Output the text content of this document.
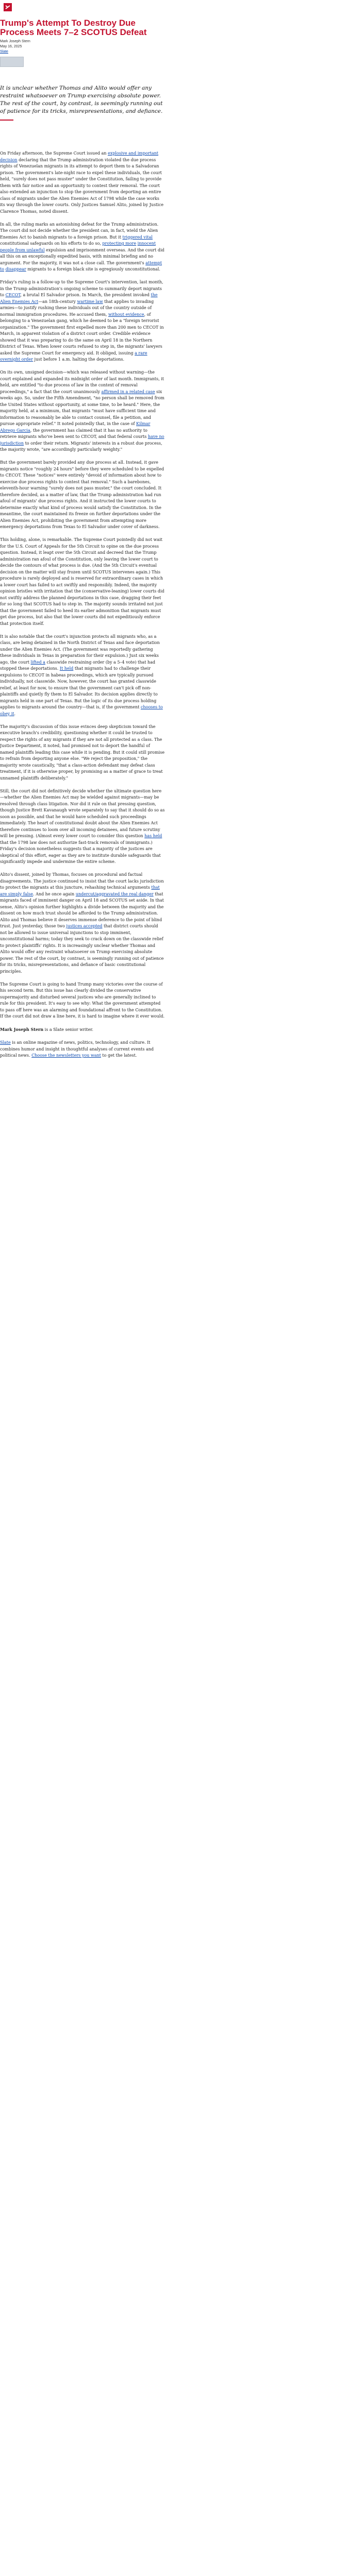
Trump's Attempt To Destroy Due Process Meets 7–2 SCOTUS Defeat
Mark Joseph Stern
May 16, 2025
Slate
It is unclear whether Thomas and Alito would offer any restraint whatsoever on Trump exercising absolute power. The rest of the court, by contrast, is seemingly running out of patience for its tricks, misrepresentations, and defiance.

On Friday afternoon, the Supreme Court issued an explosive and important decision declaring that the Trump administration violated the due process rights of Venezuelan migrants in its attempt to deport them to a Salvadoran prison. The government's late-night race to expel these individuals, the court held, "surely does not pass muster" under the Constitution, failing to provide them with fair notice and an opportunity to contest their removal. The court also extended an injunction to stop the government from deporting an entire class of migrants under the Alien Enemies Act of 1798 while the case works its way through the lower courts. Only Justices Samuel Alito, joined by Justice Clarence Thomas, noted dissent.

In all, the ruling marks an astonishing defeat for the Trump administration. The court did not decide whether the president can, in fact, wield the Alien Enemies Act to banish migrants to a foreign prison. But it triggered vital constitutional safeguards on his efforts to do so, protecting more innocent people from unlawful expulsion and imprisonment overseas. And the court did all this on an exceptionally expedited basis, with minimal briefing and no argument. For the majority, it was not a close call. The government's attempt to disappear migrants to a foreign black site is egregiously unconstitutional.

Friday's ruling is a follow-up to the Supreme Court's intervention, last month, in the Trump administration's ongoing scheme to summarily deport migrants to CECOT, a brutal El Salvador prison. In March, the president invoked the Alien Enemies Act—an 18th-century wartime law that applies to invading armies—to justify rushing these individuals out of the country outside of normal immigration procedures. He accused them, without evidence, of belonging to a Venezuelan gang, which he deemed to be a "foreign terrorist organization." The government first expelled more than 200 men to CECOT in March, in apparent violation of a district court order. Credible evidence showed that it was preparing to do the same on April 18 in the Northern District of Texas. When lower courts refused to step in, the migrants' lawyers asked the Supreme Court for emergency aid. It obliged, issuing a rare overnight order just before 1 a.m. halting the deportations.

On its own, unsigned decision—which was released without warning—the court explained and expanded its midnight order of last month. Immigrants, it held, are entitled "to due process of law in the context of removal proceedings," a fact that the court unanimously affirmed in a related case six weeks ago. So, under the Fifth Amendment, "no person shall be removed from the United States without opportunity, at some time, to be heard." Here, the majority held, at a minimum, that migrants "must have sufficient time and information to reasonably be able to contact counsel, file a petition, and pursue appropriate relief." It noted pointedly that, in the case of Kilmar Abrego Garcia, the government has claimed that it has no authority to retrieve migrants who've been sent to CECOT, and that federal courts have no jurisdiction to order their return. Migrants' interests in a robust due process, the majority wrote, "are accordingly particularly weighty."

But the government barely provided any due process at all. Instead, it gave migrants notice "roughly 24 hours" before they were scheduled to be expelled to CECOT. These "notices" were entirely "devoid of information about how to exercise due process rights to contest that removal." Such a barebones, eleventh-hour warning "surely does not pass muster," the court concluded. It therefore decided, as a matter of law, that the Trump administration had run afoul of migrants' due process rights. And it instructed the lower courts to determine exactly what kind of process would satisfy the Constitution. In the meantime, the court maintained its freeze on further deportations under the Alien Enemies Act, prohibiting the government from attempting more emergency deportations from Texas to El Salvador under cover of darkness.

This holding, alone, is remarkable. The Supreme Court pointedly did not wait for the U.S. Court of Appeals for the 5th Circuit to opine on the due process question. Instead, it leapt over the 5th Circuit and decreed that the Trump administration ran afoul of the Constitution, only leaving the lower court to decide the contours of what process is due. (And the 5th Circuit's eventual decision on the matter will stay frozen until SCOTUS intervenes again.) This procedure is rarely deployed and is reserved for extraordinary cases in which a lower court has failed to act swiftly and responsibly. Indeed, the majority opinion bristles with irritation that the (conservative-leaning) lower courts did not swiftly address the planned deportations in this case, dragging their feet for so long that SCOTUS had to step in. The majority sounds irritated not just that the government failed to heed its earlier admonition that migrants must get due process, but also that the lower courts did not expeditiously enforce that protection itself.

It is also notable that the court's injunction protects all migrants who, as a class, are being detained in the North District of Texas and face deportation under the Alien Enemies Act. (The government was reportedly gathering these individuals in Texas in preparation for their expulsion.) Just six weeks ago, the court lifted a classwide restraining order (by a 5–4 vote) that had stopped these deportations. It held that migrants had to challenge their expulsions to CECOT in habeas proceedings, which are typically pursued individually, not classwide. Now, however, the court has granted classwide relief, at least for now, to ensure that the government can't pick off non-plaintiffs and quietly fly them to El Salvador. Its decision applies directly to migrants held in one part of Texas. But the logic of its due process holding applies to migrants around the country—that is, if the government chooses to obey it.

The majority's discussion of this issue evinces deep skepticism toward the executive branch's credibility, questioning whether it could be trusted to respect the rights of any migrants if they are not all protected as a class. The Justice Department, it noted, had promised not to deport the handful of named plaintiffs leading this case while it is pending. But it could still promise to refrain from deporting anyone else. "We reject the proposition," the majority wrote caustically, "that a class-action defendant may defeat class treatment, if it is otherwise proper, by promising as a matter of grace to treat unnamed plaintiffs deliberately."

Still, the court did not definitively decide whether the ultimate question here—whether the Alien Enemies Act may be wielded against migrants—may be resolved through class litigation. Nor did it rule on that pressing question, though Justice Brett Kavanaugh wrote separately to say that it should do so as soon as possible, and that he would have scheduled such proceedings immediately. The heart of constitutional doubt about the Alien Enemies Act therefore continues to loom over all incoming detainees, and future scrutiny will be pressing. (Almost every lower court to consider this question has held that the 1798 law does not authorize fast-track removals of immigrants.) Friday's decision nonetheless suggests that a majority of the justices are skeptical of this effort, eager as they are to institute durable safeguards that significantly impede and undermine the entire scheme.

Alito's dissent, joined by Thomas, focuses on procedural and factual disagreements. The justice continued to insist that the court lacks jurisdiction to protect the migrants at this juncture, rehashing technical arguments that are simply false. And he once again undercut/aggravated the real danger that migrants faced of imminent danger on April 18 and SCOTUS set aside. In that sense, Alito's opinion further highlights a divide between the majority and the dissent on how much trust should be afforded to the Trump administration. Alito and Thomas believe it deserves immense deference to the point of blind trust. Just yesterday, those two justices accepted that district courts should not be allowed to issue universal injunctions to stop imminent, unconstitutional harms; today they seek to crack down on the classwide relief to protect plaintiffs' rights. It is increasingly unclear whether Thomas and Alito would offer any restraint whatsoever on Trump exercising absolute power. The rest of the court, by contrast, is seemingly running out of patience for its tricks, misrepresentations, and defiance of basic constitutional principles.

The Supreme Court is going to hand Trump many victories over the course of his second term. But this issue has clearly divided the conservative supermajority and disturbed several justices who are generally inclined to rule for this president. It's easy to see why: What the government attempted to pass off here was an alarming and foundational affront to the Constitution. If the court did not draw a line here, it is hard to imagine where it ever would.

Mark Joseph Stern is a Slate senior writer.

Slate is an online magazine of news, politics, technology, and culture. It combines humor and insight in thoughtful analyses of current events and political news. Choose the newsletters you want to get the latest.
